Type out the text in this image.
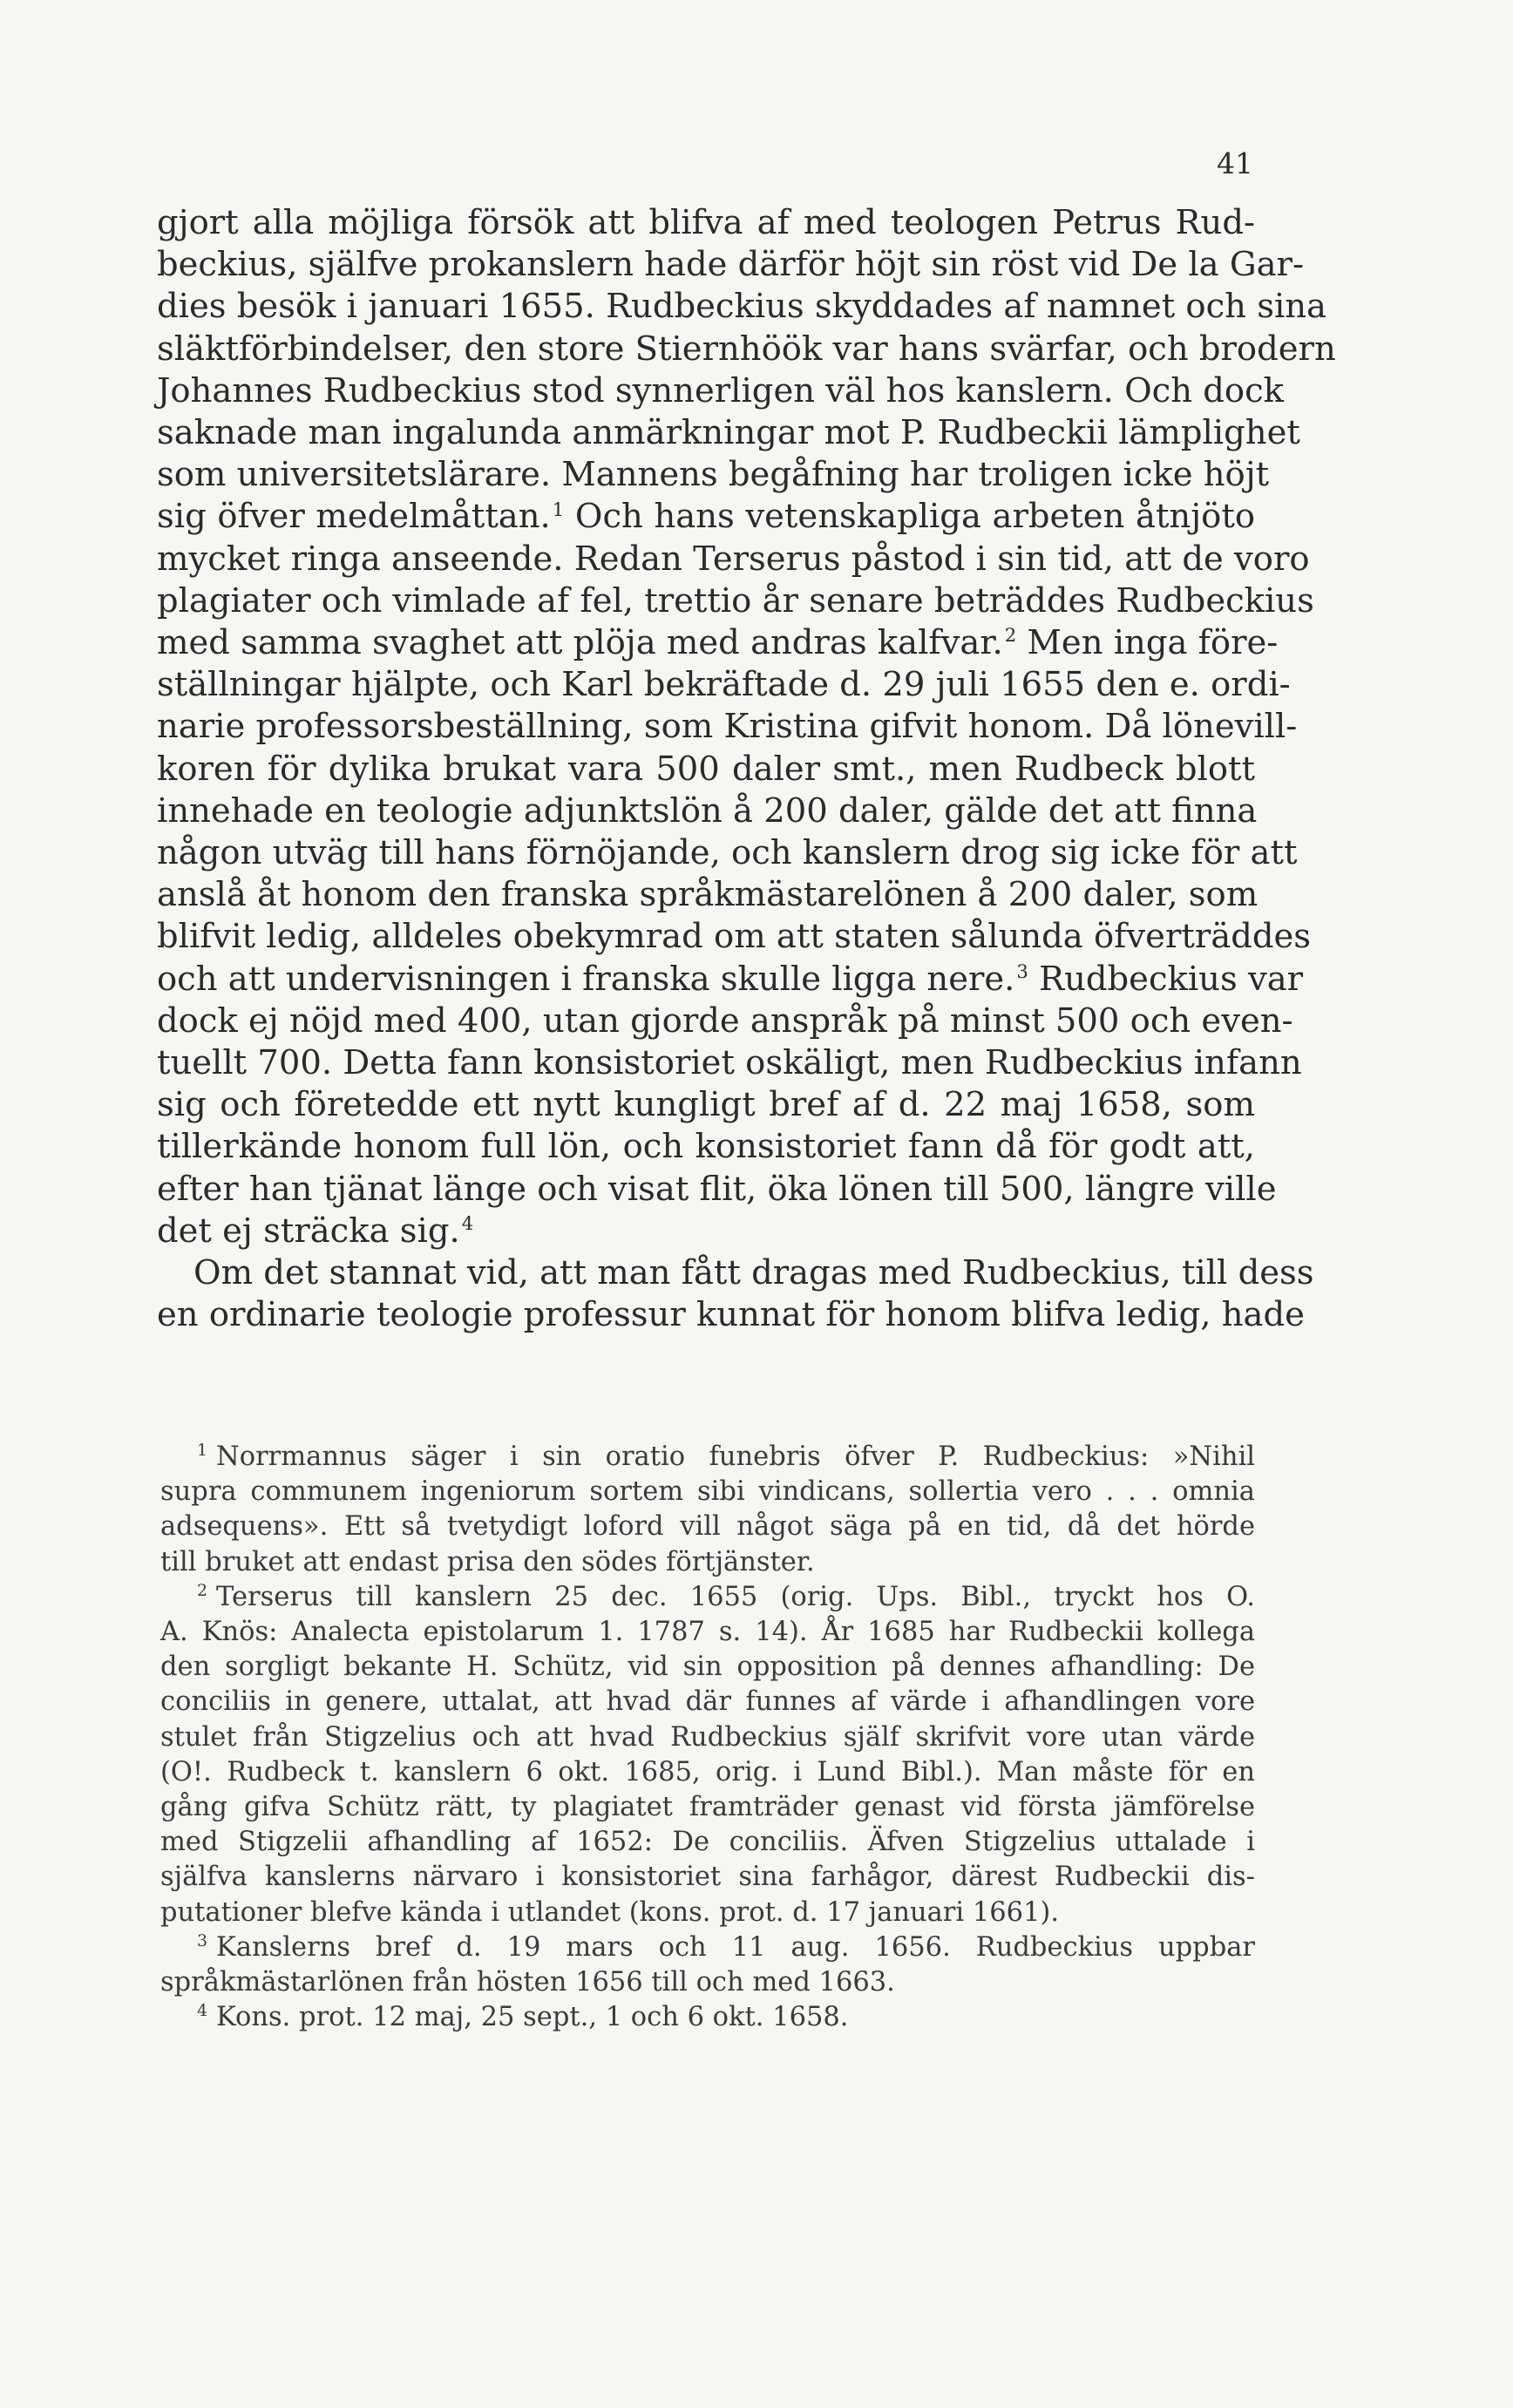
41
gjort alla möjliga försök att blifva af med teologen Petrus Rud-
beckius, själfve prokanslern hade därför höjt sin röst vid De la Gar-
dies besök i januari 1655. Rudbeckius skyddades af namnet och sina
släktförbindelser, den store Stiernhöök var hans svärfar, och brodern
Johannes Rudbeckius stod synnerligen väl hos kanslern. Och dock
saknade man ingalunda anmärkningar mot P. Rudbeckii lämplighet
som universitetslärare. Mannens begåfning har troligen icke höjt
sig öfver medelmåttan.$^1$ Och hans vetenskapliga arbeten åtnjöto
mycket ringa anseende. Redan Terserus påstod i sin tid, att de voro
plagiater och vimlade af fel, trettio år senare beträddes Rudbeckius
med samma svaghet att plöja med andras kalfvar.$^2$ Men inga före-
ställningar hjälpte, och Karl bekräftade d. 29 juli 1655 den e. ordi-
narie professorsbeställning, som Kristina gifvit honom. Då lönevill-
koren för dylika brukat vara 500 daler smt., men Rudbeck blott
innehade en teologie adjunktslön å 200 daler, gälde det att finna
någon utväg till hans förnöjande, och kanslern drog sig icke för att
anslå åt honom den franska språkmästarelönen å 200 daler, som
blifvit ledig, alldeles obekymrad om att staten sålunda öfverträddes
och att undervisningen i franska skulle ligga nere.$^3$ Rudbeckius var
dock ej nöjd med 400, utan gjorde anspråk på minst 500 och even-
tuellt 700. Detta fann konsistoriet oskäligt, men Rudbeckius infann
sig och företedde ett nytt kungligt bref af d. 22 maj 1658, som
tillerkände honom full lön, och konsistoriet fann då för godt att,
efter han tjänat länge och visat flit, öka lönen till 500, längre ville
det ej sträcka sig.$^4$
Om det stannat vid, att man fått dragas med Rudbeckius, till dess
en ordinarie teologie professur kunnat för honom blifva ledig, hade
$^1$ Norrmannus säger i sin oratio funebris öfver P. Rudbeckius: »Nihil
supra communem ingeniorum sortem sibi vindicans, sollertia vero . . . omnia
adsequens». Ett så tvetydigt loford vill något säga på en tid, då det hörde
till bruket att endast prisa den södes förtjänster.
$^2$ Terserus till kanslern 25 dec. 1655 (orig. Ups. Bibl., tryckt hos O.
A. Knös: Analecta epistolarum 1. 1787 s. 14). År 1685 har Rudbeckii kollega
den sorgligt bekante H. Schütz, vid sin opposition på dennes afhandling: De
conciliis in genere, uttalat, att hvad där funnes af värde i afhandlingen vore
stulet från Stigzelius och att hvad Rudbeckius själf skrifvit vore utan värde
(O!. Rudbeck t. kanslern 6 okt. 1685, orig. i Lund Bibl.). Man måste för en
gång gifva Schütz rätt, ty plagiatet framträder genast vid första jämförelse
med Stigzelii afhandling af 1652: De conciliis. Äfven Stigzelius uttalade i
själfva kanslerns närvaro i konsistoriet sina farhågor, därest Rudbeckii dis-
putationer blefve kända i utlandet (kons. prot. d. 17 januari 1661).
$^3$ Kanslerns bref d. 19 mars och 11 aug. 1656. Rudbeckius uppbar
språkmästarlönen från hösten 1656 till och med 1663.
$^4$ Kons. prot. 12 maj, 25 sept., 1 och 6 okt. 1658.
